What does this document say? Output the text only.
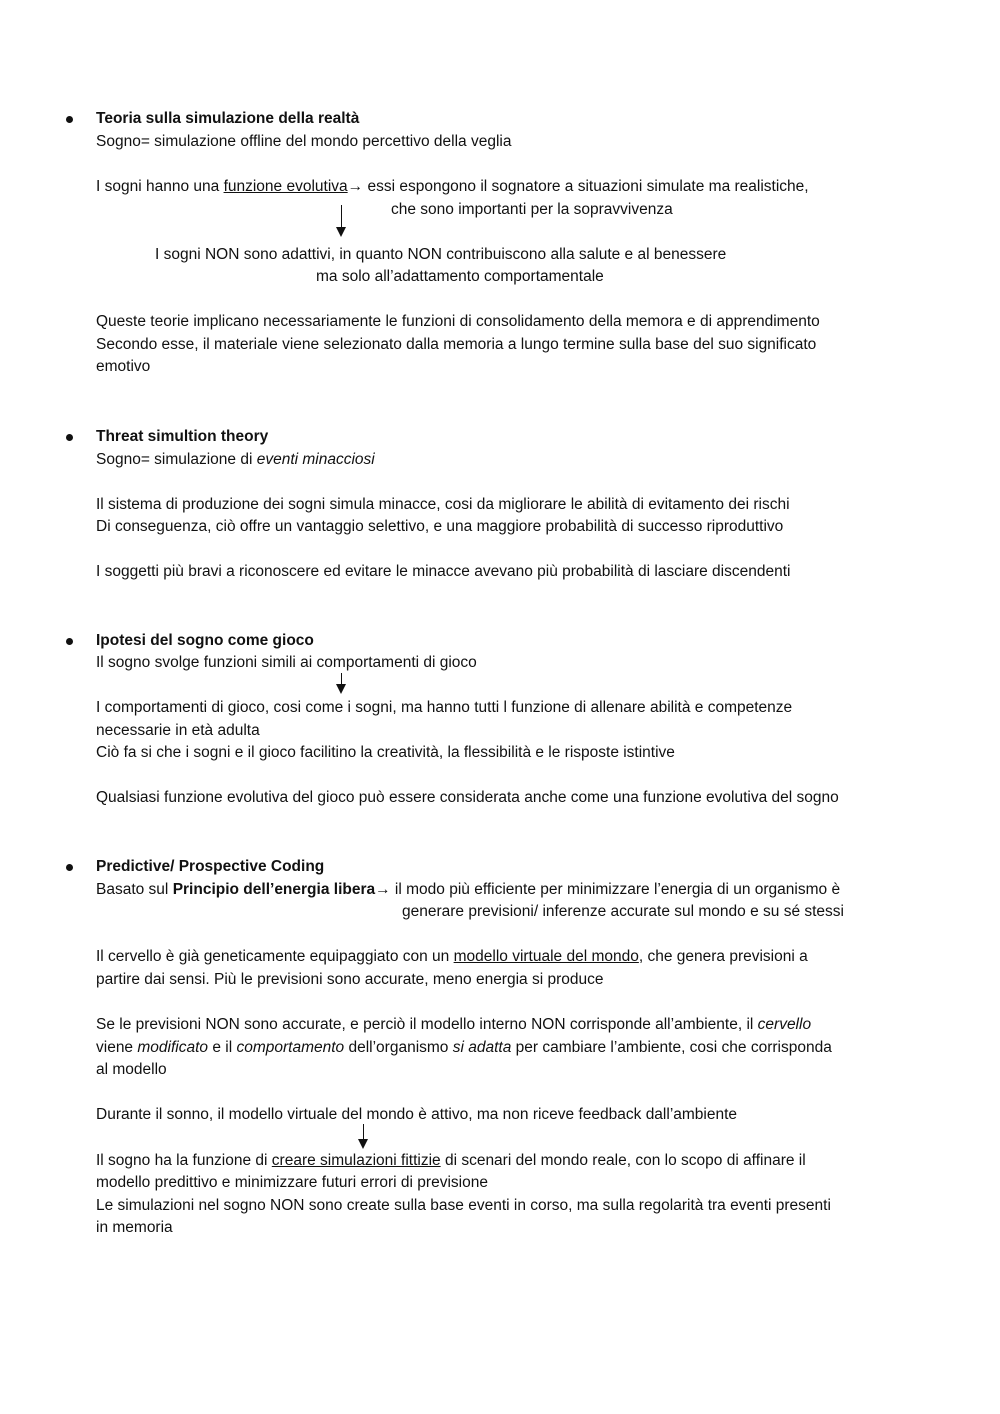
Teoria sulla simulazione della realtà
Sogno= simulazione offline del mondo percettivo della veglia
I sogni hanno una funzione evolutiva→ essi espongono il sognatore a situazioni simulate ma realistiche,
che sono importanti per la sopravvivenza
I sogni NON sono adattivi, in quanto NON contribuiscono alla salute e al benessere
ma solo all’adattamento comportamentale
Queste teorie implicano necessariamente le funzioni di consolidamento della memora e di apprendimento
Secondo esse, il materiale viene selezionato dalla memoria a lungo termine sulla base del suo significato
emotivo
Threat simultion theory
Sogno= simulazione di eventi minacciosi
Il sistema di produzione dei sogni simula minacce, cosi da migliorare le abilità di evitamento dei rischi
Di conseguenza, ciò offre un vantaggio selettivo, e una maggiore probabilità di successo riproduttivo
I soggetti più bravi a riconoscere ed evitare le minacce avevano più probabilità di lasciare discendenti
Ipotesi del sogno come gioco
Il sogno svolge funzioni simili ai comportamenti di gioco
I comportamenti di gioco, cosi come i sogni, ma hanno tutti l funzione di allenare abilità e competenze
necessarie in età adulta
Ciò fa si che i sogni e il gioco facilitino la creatività, la flessibilità e le risposte istintive
Qualsiasi funzione evolutiva del gioco può essere considerata anche come una funzione evolutiva del sogno
Predictive/ Prospective Coding
Basato sul Principio dell’energia libera→ il modo più efficiente per minimizzare l’energia di un organismo è
generare previsioni/ inferenze accurate sul mondo e su sé stessi
Il cervello è già geneticamente equipaggiato con un modello virtuale del mondo, che genera previsioni a
partire dai sensi. Più le previsioni sono accurate, meno energia si produce
Se le previsioni NON sono accurate, e perciò il modello interno NON corrisponde all’ambiente, il cervello
viene modificato e il comportamento dell’organismo si adatta per cambiare l’ambiente, cosi che corrisponda
al modello
Durante il sonno, il modello virtuale del mondo è attivo, ma non riceve feedback dall’ambiente
Il sogno ha la funzione di creare simulazioni fittizie di scenari del mondo reale, con lo scopo di affinare il
modello predittivo e minimizzare futuri errori di previsione
Le simulazioni nel sogno NON sono create sulla base eventi in corso, ma sulla regolarità tra eventi presenti
in memoria
